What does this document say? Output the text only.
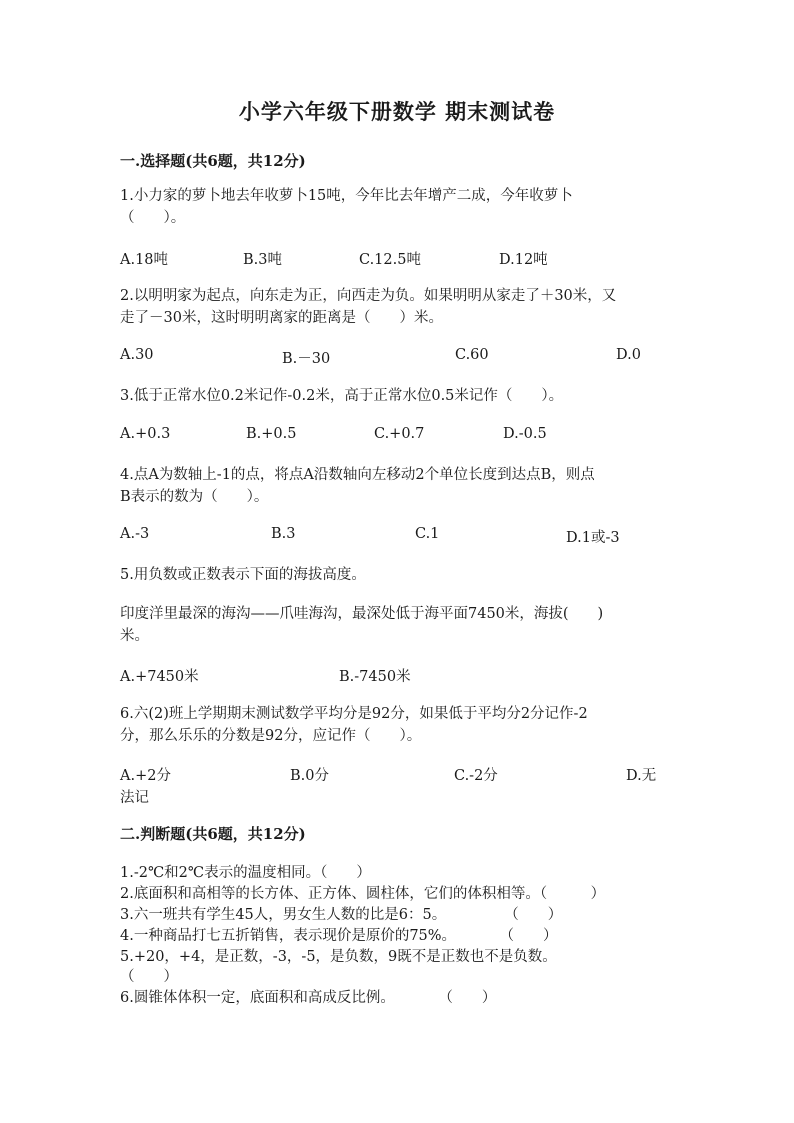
小学六年级下册数学 期末测试卷
一.选择题(共6题，共12分)
1.小力家的萝卜地去年收萝卜15吨，今年比去年增产二成，今年收萝卜
（　　）。
A.18吨	B.3吨	C.12.5吨	D.12吨
2.以明明家为起点，向东走为正，向西走为负。如果明明从家走了＋30米，又
走了－30米，这时明明离家的距离是（　　）米。
A.30	B.－30	C.60	D.0
3.低于正常水位0.2米记作-0.2米，高于正常水位0.5米记作（　　）。
A.+0.3	B.+0.5	C.+0.7	D.-0.5
4.点A为数轴上-1的点，将点A沿数轴向左移动2个单位长度到达点B，则点
B表示的数为（　　）。
A.-3	B.3	C.1	D.1或-3
5.用负数或正数表示下面的海拔高度。
印度洋里最深的海沟——爪哇海沟，最深处低于海平面7450米，海拔(　　)
米。
A.+7450米	B.-7450米
6.六(2)班上学期期末测试数学平均分是92分，如果低于平均分2分记作-2
分，那么乐乐的分数是92分，应记作（　　）。
A.+2分	B.0分	C.-2分	D.无
法记
二.判断题(共6题，共12分)
1.-2℃和2℃表示的温度相同。（　　）
2.底面积和高相等的长方体、正方体、圆柱体，它们的体积相等。（　　　）
3.六一班共有学生45人，男女生人数的比是6：5。　　　　　（　　）
4.一种商品打七五折销售，表示现价是原价的75%。　　　　（　　）
5.+20，+4，是正数，-3，-5，是负数，9既不是正数也不是负数。
（　　）
6.圆锥体体积一定，底面积和高成反比例。　　　　（　　）
